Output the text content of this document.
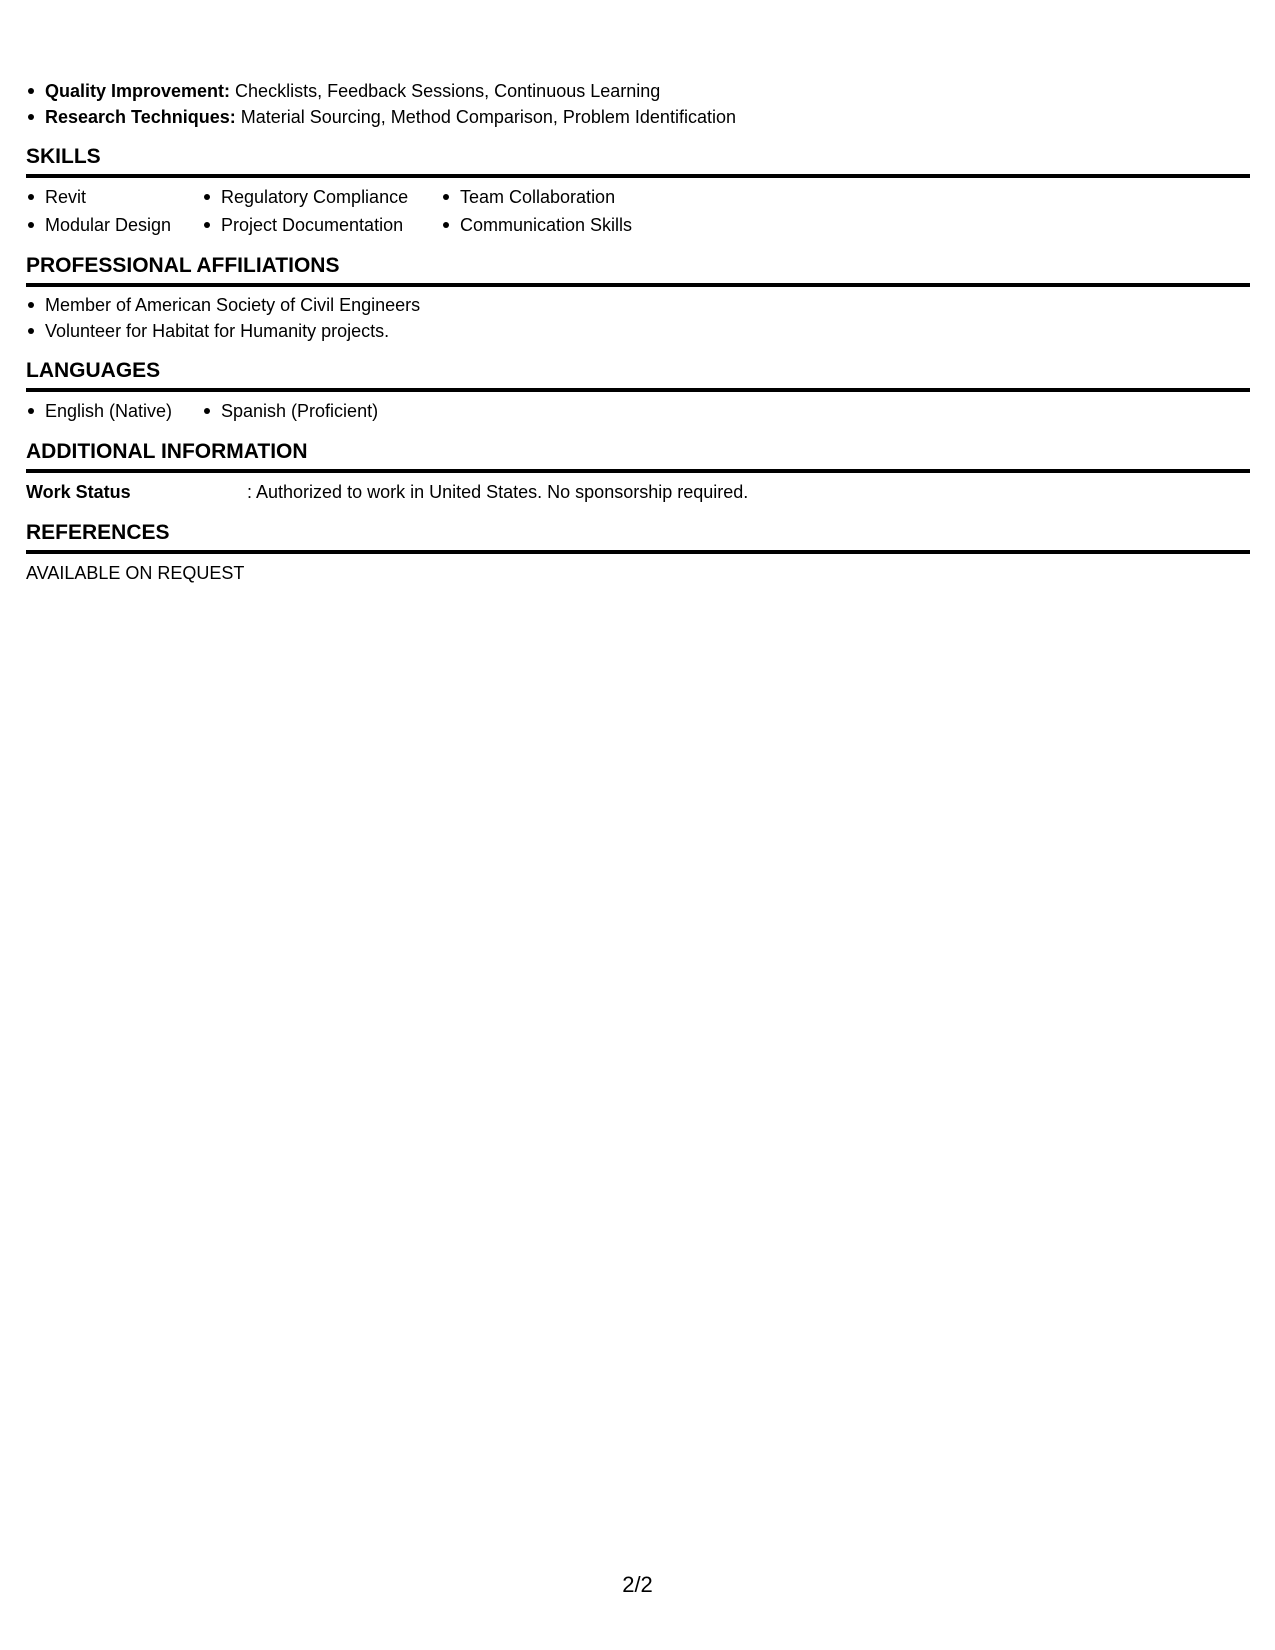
Quality Improvement: Checklists, Feedback Sessions, Continuous Learning
Research Techniques: Material Sourcing, Method Comparison, Problem Identification
SKILLS
Revit
Modular Design
Regulatory Compliance
Project Documentation
Team Collaboration
Communication Skills
PROFESSIONAL AFFILIATIONS
Member of American Society of Civil Engineers
Volunteer for Habitat for Humanity projects.
LANGUAGES
English (Native)	Spanish (Proficient)
ADDITIONAL INFORMATION
Work Status	: Authorized to work in United States. No sponsorship required.
REFERENCES
AVAILABLE ON REQUEST
2/2
